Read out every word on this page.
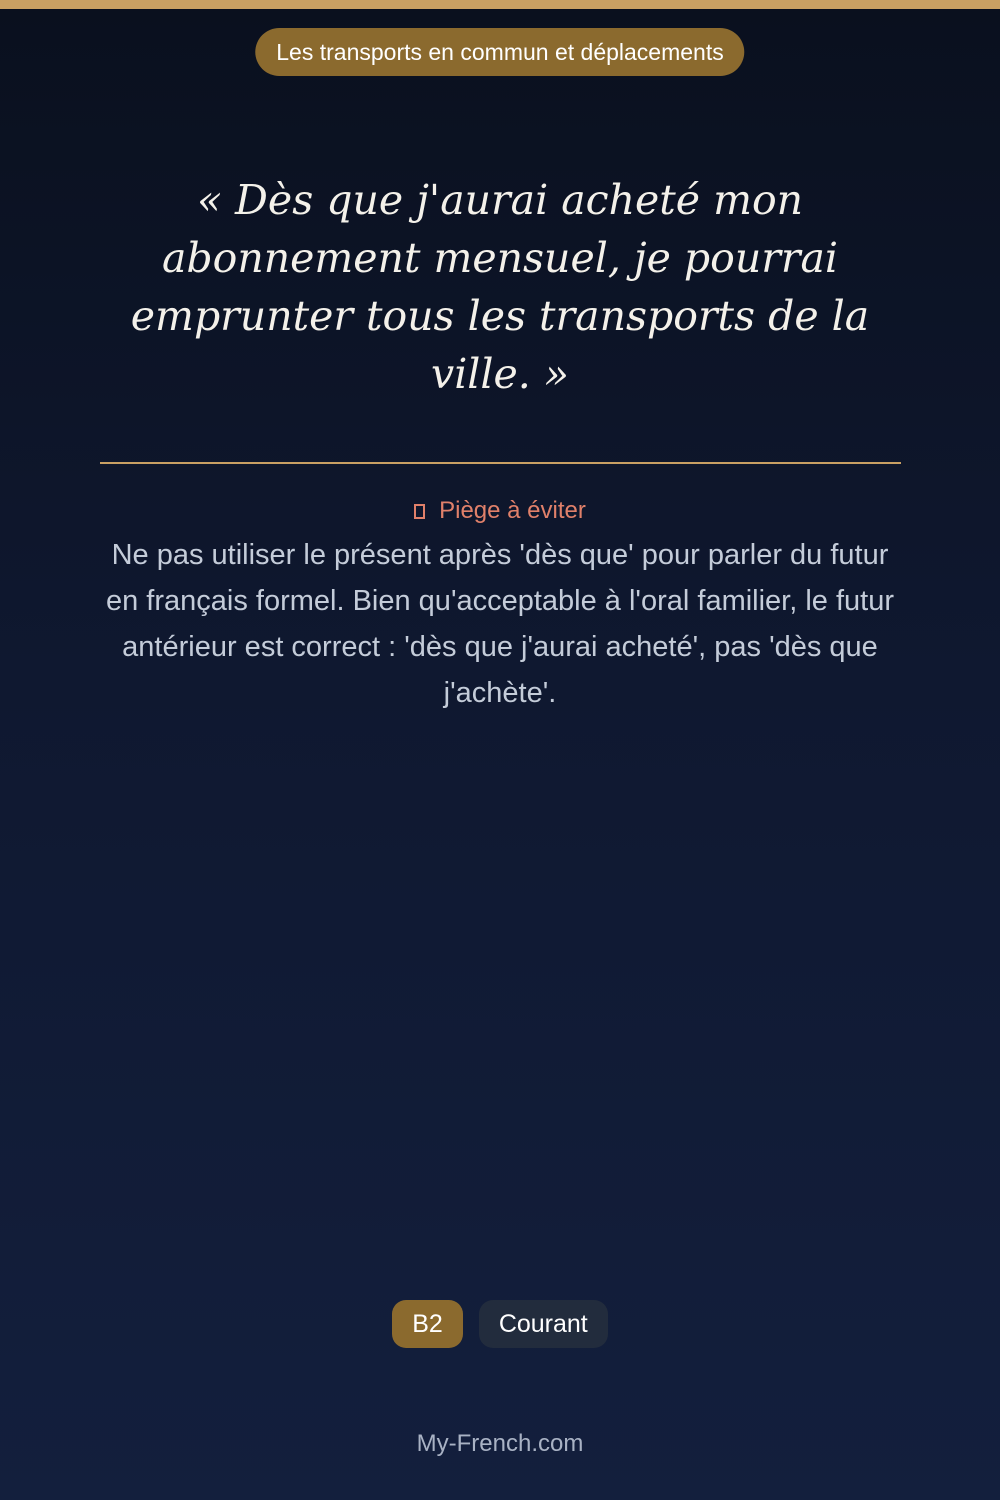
Les transports en commun et déplacements

« Dès que j'aurai acheté mon abonnement mensuel, je pourrai emprunter tous les transports de la ville. »

Piège à éviter

Ne pas utiliser le présent après 'dès que' pour parler du futur en français formel. Bien qu'acceptable à l'oral familier, le futur antérieur est correct : 'dès que j'aurai acheté', pas 'dès que j'achète'.

B2 Courant
My-French.com
